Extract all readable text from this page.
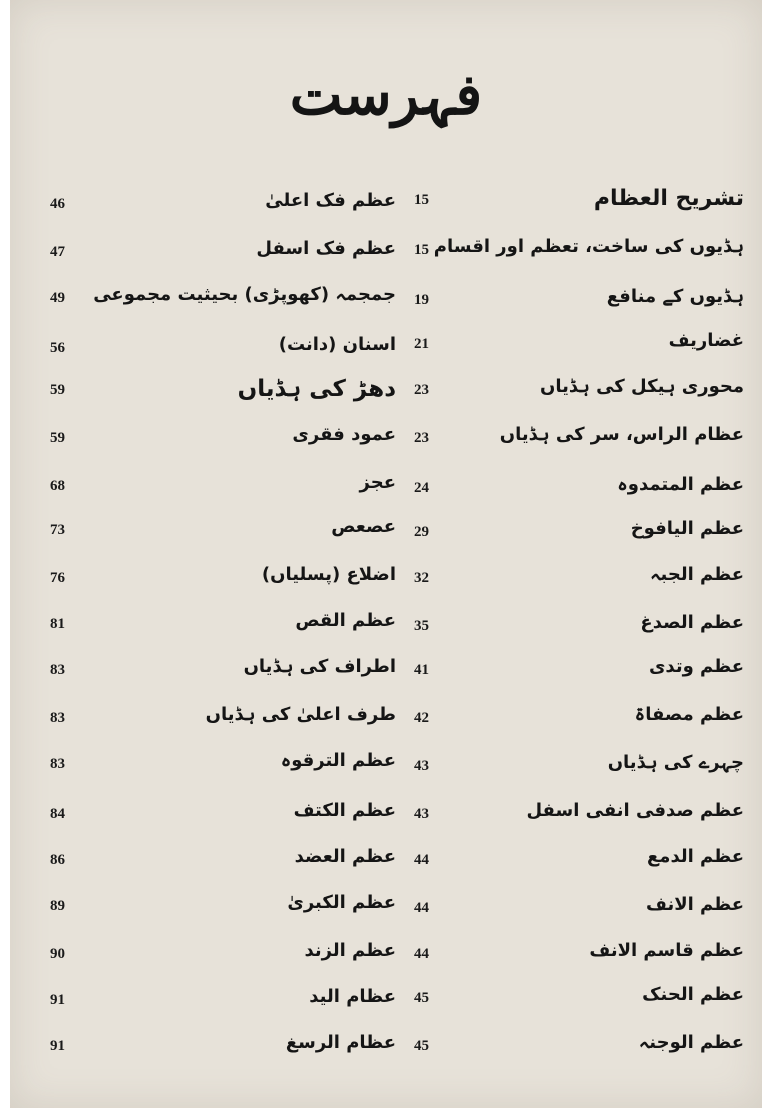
فہرست
15	تشریح العظام
15 ہڈیوں کی ساخت، تعظم اور اقسام
19	ہڈیوں کے منافع
21	غضاریف
23	محوری ہیکل کی ہڈیاں
23	عظام الراس، سر کی ہڈیاں
24	عظم المتمدوہ
29	عظم الیافوخ
32	عظم الجبہ
35	عظم الصدغ
41	عظم وتدی
42	عظم مصفاۃ
43	چہرے کی ہڈیاں
43	عظم صدفی انفی اسفل
44	عظم الدمع
44	عظم الانف
44	عظم قاسم الانف
45	عظم الحنک
45	عظم الوجنہ
46	عظم فک اعلیٰ
47	عظم فک اسفل
49 جمجمہ (کھوپڑی) بحیثیت مجموعی
56	اسنان (دانت)
59	دھڑ کی ہڈیاں
59	عمود فقری
68	عجز
73	عصعص
76	اضلاع (پسلیاں)
81	عظم القص
83	اطراف کی ہڈیاں
83	طرف اعلیٰ کی ہڈیاں
83	عظم الترقوہ
84	عظم الکتف
86	عظم العضد
89	عظم الکبریٰ
90	عظم الزند
91	عظام الید
91	عظام الرسغ
